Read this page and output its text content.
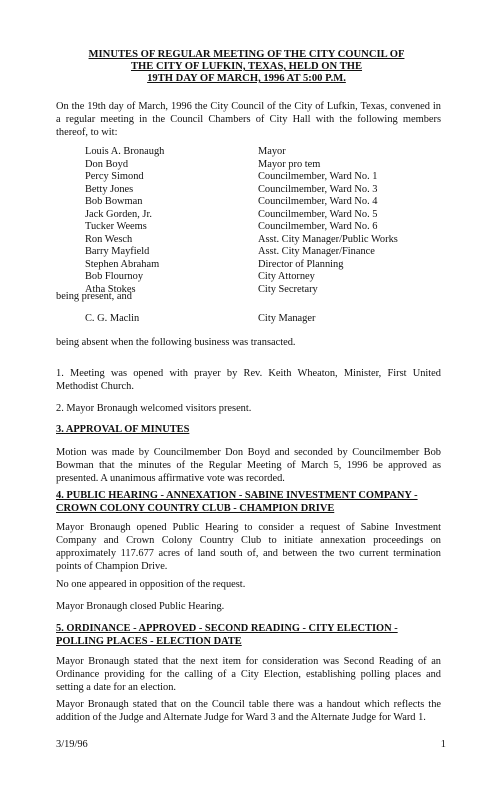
MINUTES OF REGULAR MEETING OF THE CITY COUNCIL OF
THE CITY OF LUFKIN, TEXAS, HELD ON THE
19TH DAY OF MARCH, 1996 AT 5:00 P.M.
On the 19th day of March, 1996 the City Council of the City of Lufkin, Texas, convened in a regular meeting in the Council Chambers of City Hall with the following members thereof, to wit:
Louis A. Bronaugh	Mayor
Don Boyd	Mayor pro tem
Percy Simond	Councilmember, Ward No. 1
Betty Jones	Councilmember, Ward No. 3
Bob Bowman	Councilmember, Ward No. 4
Jack Gorden, Jr.	Councilmember, Ward No. 5
Tucker Weems	Councilmember, Ward No. 6
Ron Wesch	Asst. City Manager/Public Works
Barry Mayfield	Asst. City Manager/Finance
Stephen Abraham	Director of Planning
Bob Flournoy	City Attorney
Atha Stokes	City Secretary
being present, and
C. G. Maclin	City Manager
being absent when the following business was transacted.
1. Meeting was opened with prayer by Rev. Keith Wheaton, Minister, First United Methodist Church.
2. Mayor Bronaugh welcomed visitors present.
3. APPROVAL OF MINUTES
Motion was made by Councilmember Don Boyd and seconded by Councilmember Bob Bowman that the minutes of the Regular Meeting of March 5, 1996 be approved as presented. A unanimous affirmative vote was recorded.
4. PUBLIC HEARING - ANNEXATION - SABINE INVESTMENT COMPANY - CROWN COLONY COUNTRY CLUB - CHAMPION DRIVE
Mayor Bronaugh opened Public Hearing to consider a request of Sabine Investment Company and Crown Colony Country Club to initiate annexation proceedings on approximately 117.677 acres of land south of, and between the two current termination points of Champion Drive.
No one appeared in opposition of the request.
Mayor Bronaugh closed Public Hearing.
5. ORDINANCE - APPROVED - SECOND READING - CITY ELECTION - POLLING PLACES - ELECTION DATE
Mayor Bronaugh stated that the next item for consideration was Second Reading of an Ordinance providing for the calling of a City Election, establishing polling places and setting a date for an election.
Mayor Bronaugh stated that on the Council table there was a handout which reflects the addition of the Judge and Alternate Judge for Ward 3 and the Alternate Judge for Ward 1.
3/19/96	1
